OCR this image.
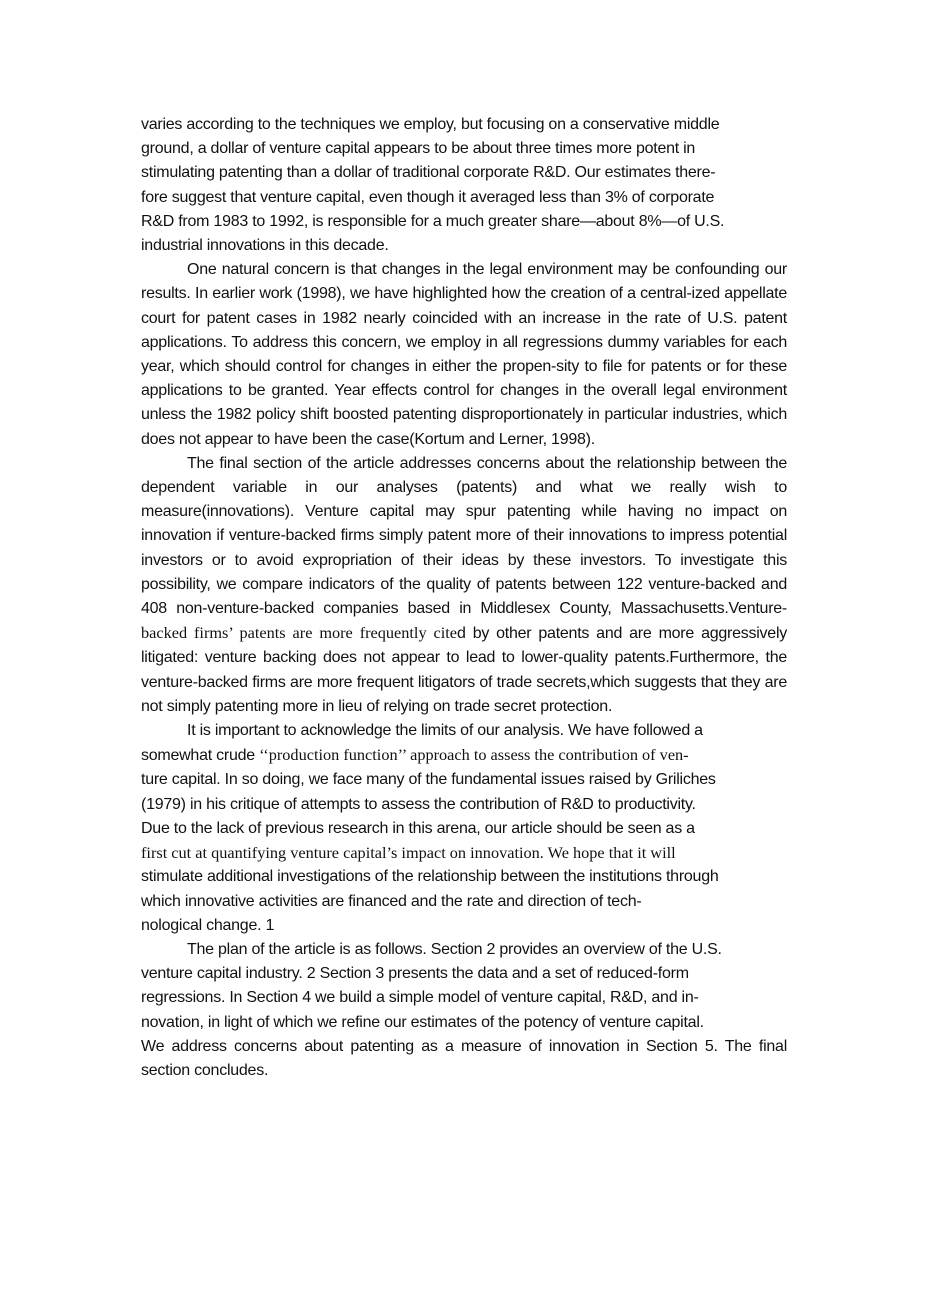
varies according to the techniques we employ, but focusing on a conservative middle
ground, a dollar of venture capital appears to be about three times more potent in
stimulating patenting than a dollar of traditional corporate R&D. Our estimates there-
fore suggest that venture capital, even though it averaged less than 3% of corporate
R&D from 1983 to 1992, is responsible for a much greater share—about 8%—of U.S.
industrial innovations in this decade.

One natural concern is that changes in the legal environment may be confounding our results. In earlier work (1998), we have highlighted how the creation of a central-ized appellate court for patent cases in 1982 nearly coincided with an increase in the rate of U.S. patent applications. To address this concern, we employ in all regressions dummy variables for each year, which should control for changes in either the propen-sity to file for patents or for these applications to be granted. Year effects control for changes in the overall legal environment unless the 1982 policy shift boosted patenting disproportionately in particular industries, which does not appear to have been the case(Kortum and Lerner, 1998).

The final section of the article addresses concerns about the relationship between the dependent variable in our analyses (patents) and what we really wish to measure(innovations). Venture capital may spur patenting while having no impact on innovation if venture-backed firms simply patent more of their innovations to impress potential investors or to avoid expropriation of their ideas by these investors. To investigate this possibility, we compare indicators of the quality of patents between 122 venture-backed and 408 non-venture-backed companies based in Middlesex County, Massachusetts.Venture-backed firms’ patents are more frequently cited by other patents and are more aggressively litigated: venture backing does not appear to lead to lower-quality patents.Furthermore, the venture-backed firms are more frequent litigators of trade secrets,which suggests that they are not simply patenting more in lieu of relying on trade secret protection.

It is important to acknowledge the limits of our analysis. We have followed a
somewhat crude ‘‘production function’’ approach to assess the contribution of ven-
ture capital. In so doing, we face many of the fundamental issues raised by Griliches
(1979) in his critique of attempts to assess the contribution of R&D to productivity.
Due to the lack of previous research in this arena, our article should be seen as a
first cut at quantifying venture capital’s impact on innovation. We hope that it will
stimulate additional investigations of the relationship between the institutions through
which innovative activities are financed and the rate and direction of tech-
nological change. 1

The plan of the article is as follows. Section 2 provides an overview of the U.S.
venture capital industry. 2 Section 3 presents the data and a set of reduced-form
regressions. In Section 4 we build a simple model of venture capital, R&D, and in-
novation, in light of which we refine our estimates of the potency of venture capital.
We address concerns about patenting as a measure of innovation in Section 5. The final section concludes.
